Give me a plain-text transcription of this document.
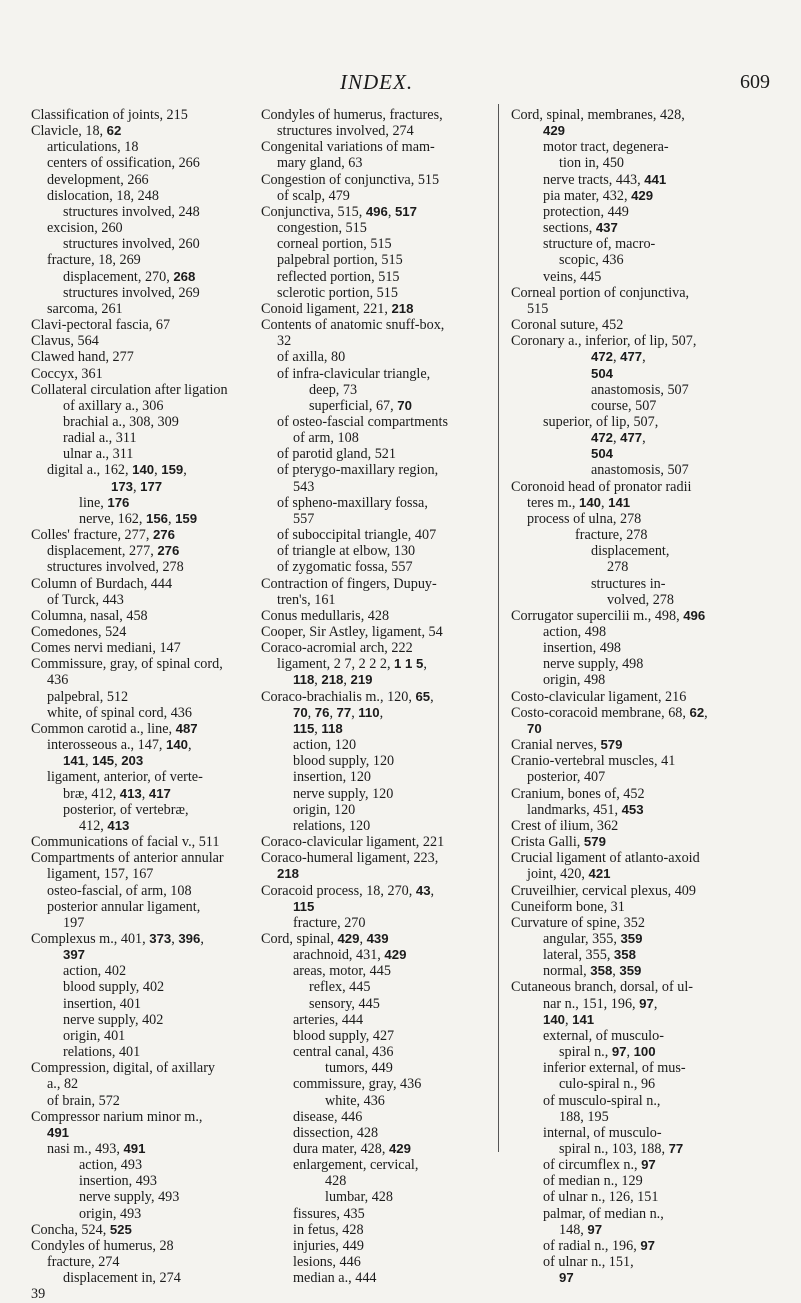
INDEX.	609
Classification of joints, 215
Clavicle, 18, 62
articulations, 18
centers of ossification, 266
development, 266
dislocation, 18, 248
structures involved, 248
excision, 260
structures involved, 260
fracture, 18, 269
displacement, 270, 268
structures involved, 269
sarcoma, 261
Clavi-pectoral fascia, 67
Clavus, 564
Clawed hand, 277
Coccyx, 361
Collateral circulation after ligation
of axillary a., 306
brachial a., 308, 309
radial a., 311
ulnar a., 311
digital a., 162, 140, 159,
173, 177
line, 176
nerve, 162, 156, 159
Colles' fracture, 277, 276
displacement, 277, 276
structures involved, 278
Column of Burdach, 444
of Turck, 443
Columna, nasal, 458
Comedones, 524
Comes nervi mediani, 147
Commissure, gray, of spinal cord,
436
palpebral, 512
white, of spinal cord, 436
Common carotid a., line, 487
interosseous a., 147, 140,
141, 145, 203
ligament, anterior, of verte-
bræ, 412, 413, 417
posterior, of vertebræ,
412, 413
Communications of facial v., 511
Compartments of anterior annular
ligament, 157, 167
osteo-fascial, of arm, 108
posterior annular ligament,
197
Complexus m., 401, 373, 396,
397
action, 402
blood supply, 402
insertion, 401
nerve supply, 402
origin, 401
relations, 401
Compression, digital, of axillary
a., 82
of brain, 572
Compressor narium minor m.,
491
nasi m., 493, 491
action, 493
insertion, 493
nerve supply, 493
origin, 493
Concha, 524, 525
Condyles of humerus, 28
fracture, 274
displacement in, 274
39
Condyles of humerus, fractures,
structures involved, 274
Congenital variations of mam-
mary gland, 63
Congestion of conjunctiva, 515
of scalp, 479
Conjunctiva, 515, 496, 517
congestion, 515
corneal portion, 515
palpebral portion, 515
reflected portion, 515
sclerotic portion, 515
Conoid ligament, 221, 218
Contents of anatomic snuff-box,
32
of axilla, 80
of infra-clavicular triangle,
deep, 73
superficial, 67, 70
of osteo-fascial compartments
of arm, 108
of parotid gland, 521
of pterygo-maxillary region,
543
of spheno-maxillary fossa,
557
of suboccipital triangle, 407
of triangle at elbow, 130
of zygomatic fossa, 557
Contraction of fingers, Dupuy-
tren's, 161
Conus medullaris, 428
Cooper, Sir Astley, ligament, 54
Coraco-acromial arch, 222
ligament, 2 7, 2 2 2, 1 1 5,
118, 218, 219
Coraco-brachialis m., 120, 65,
70, 76, 77, 110,
115, 118
action, 120
blood supply, 120
insertion, 120
nerve supply, 120
origin, 120
relations, 120
Coraco-clavicular ligament, 221
Coraco-humeral ligament, 223,
218
Coracoid process, 18, 270, 43,
115
fracture, 270
Cord, spinal, 429, 439
arachnoid, 431, 429
areas, motor, 445
reflex, 445
sensory, 445
arteries, 444
blood supply, 427
central canal, 436
tumors, 449
commissure, gray, 436
white, 436
disease, 446
dissection, 428
dura mater, 428, 429
enlargement, cervical,
428
lumbar, 428
fissures, 435
in fetus, 428
injuries, 449
lesions, 446
median a., 444
Cord, spinal, membranes, 428,
429
motor tract, degenera-
tion in, 450
nerve tracts, 443, 441
pia mater, 432, 429
protection, 449
sections, 437
structure of, macro-
scopic, 436
veins, 445
Corneal portion of conjunctiva,
515
Coronal suture, 452
Coronary a., inferior, of lip, 507,
472, 477,
504
anastomosis, 507
course, 507
superior, of lip, 507,
472, 477,
504
anastomosis, 507
Coronoid head of pronator radii
teres m., 140, 141
process of ulna, 278
fracture, 278
displacement,
278
structures in-
volved, 278
Corrugator supercilii m., 498, 496
action, 498
insertion, 498
nerve supply, 498
origin, 498
Costo-clavicular ligament, 216
Costo-coracoid membrane, 68, 62,
70
Cranial nerves, 579
Cranio-vertebral muscles, 41
posterior, 407
Cranium, bones of, 452
landmarks, 451, 453
Crest of ilium, 362
Crista Galli, 579
Crucial ligament of atlanto-axoid
joint, 420, 421
Cruveilhier, cervical plexus, 409
Cuneiform bone, 31
Curvature of spine, 352
angular, 355, 359
lateral, 355, 358
normal, 358, 359
Cutaneous branch, dorsal, of ul-
nar n., 151, 196, 97,
140, 141
external, of musculo-
spiral n., 97, 100
inferior external, of mus-
culo-spiral n., 96
of musculo-spiral n.,
188, 195
internal, of musculo-
spiral n., 103, 188, 77
of circumflex n., 97
of median n., 129
of ulnar n., 126, 151
palmar, of median n.,
148, 97
of radial n., 196, 97
of ulnar n., 151,
97
